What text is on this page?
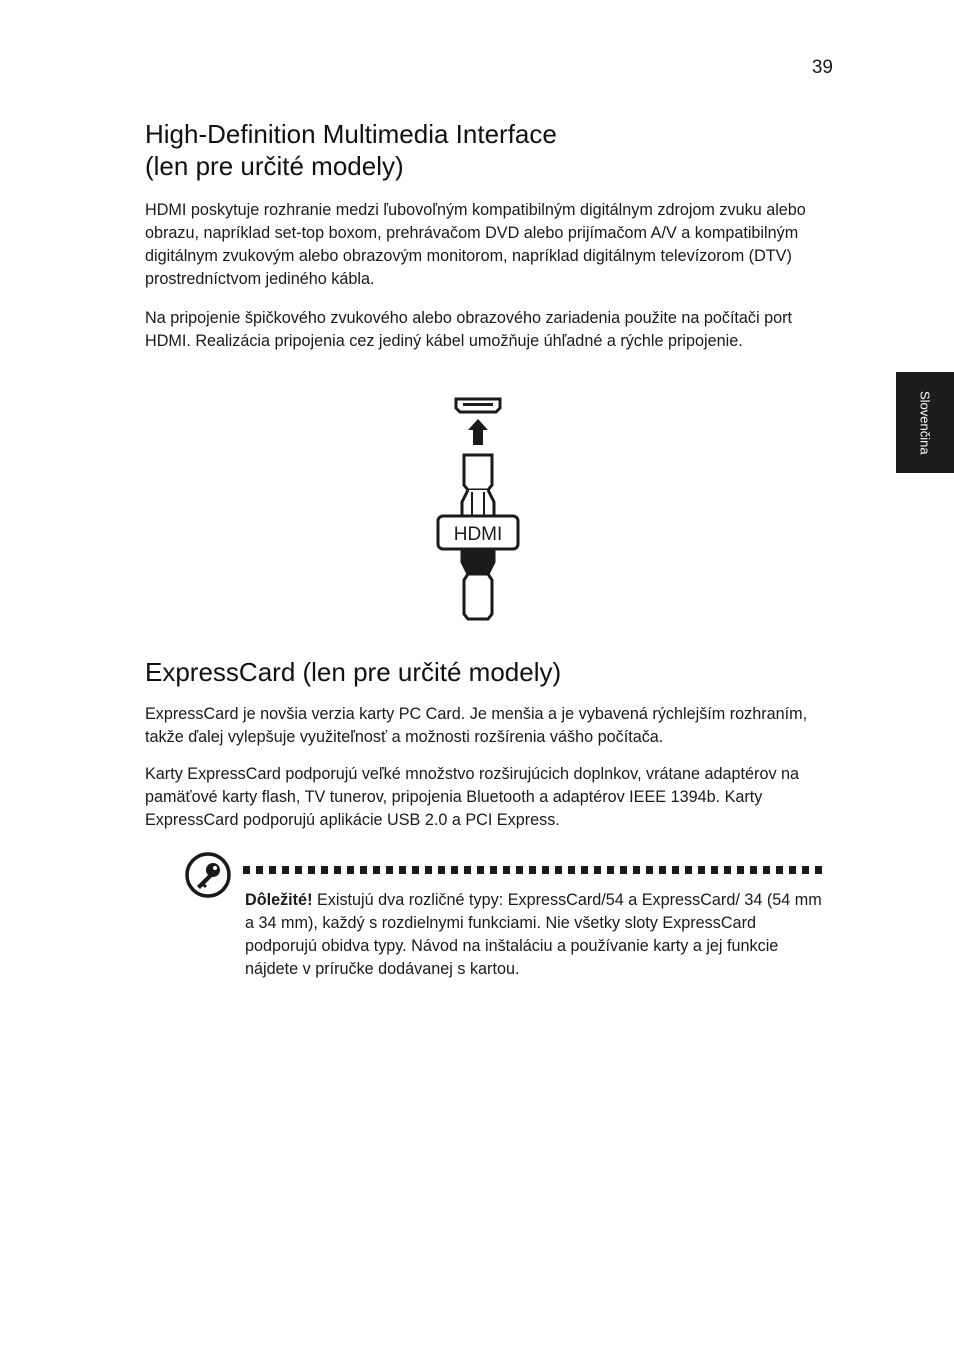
39
Slovenčina
High-Definition Multimedia Interface
(len pre určité modely)

HDMI poskytuje rozhranie medzi ľubovoľným kompatibilným digitálnym zdrojom zvuku alebo obrazu, napríklad set-top boxom, prehrávačom DVD alebo prijímačom A/V a kompatibilným digitálnym zvukovým alebo obrazovým monitorom, napríklad digitálnym televízorom (DTV) prostredníctvom jediného kábla.

Na pripojenie špičkového zvukového alebo obrazového zariadenia použite na počítači port HDMI. Realizácia pripojenia cez jediný kábel umožňuje úhľadné a rýchle pripojenie.

HDMI
ExpressCard (len pre určité modely)

ExpressCard je novšia verzia karty PC Card. Je menšia a je vybavená rýchlejším rozhraním, takže ďalej vylepšuje využiteľnosť a možnosti rozšírenia vášho počítača.

Karty ExpressCard podporujú veľké množstvo rozširujúcich doplnkov, vrátane adaptérov na pamäťové karty flash, TV tunerov, pripojenia Bluetooth a adaptérov IEEE 1394b. Karty ExpressCard podporujú aplikácie USB 2.0 a PCI Express.

Dôležité! Existujú dva rozličné typy: ExpressCard/54 a ExpressCard/ 34 (54 mm a 34 mm), každý s rozdielnymi funkciami. Nie všetky sloty ExpressCard podporujú obidva typy. Návod na inštaláciu a používanie karty a jej funkcie nájdete v príručke dodávanej s kartou.
